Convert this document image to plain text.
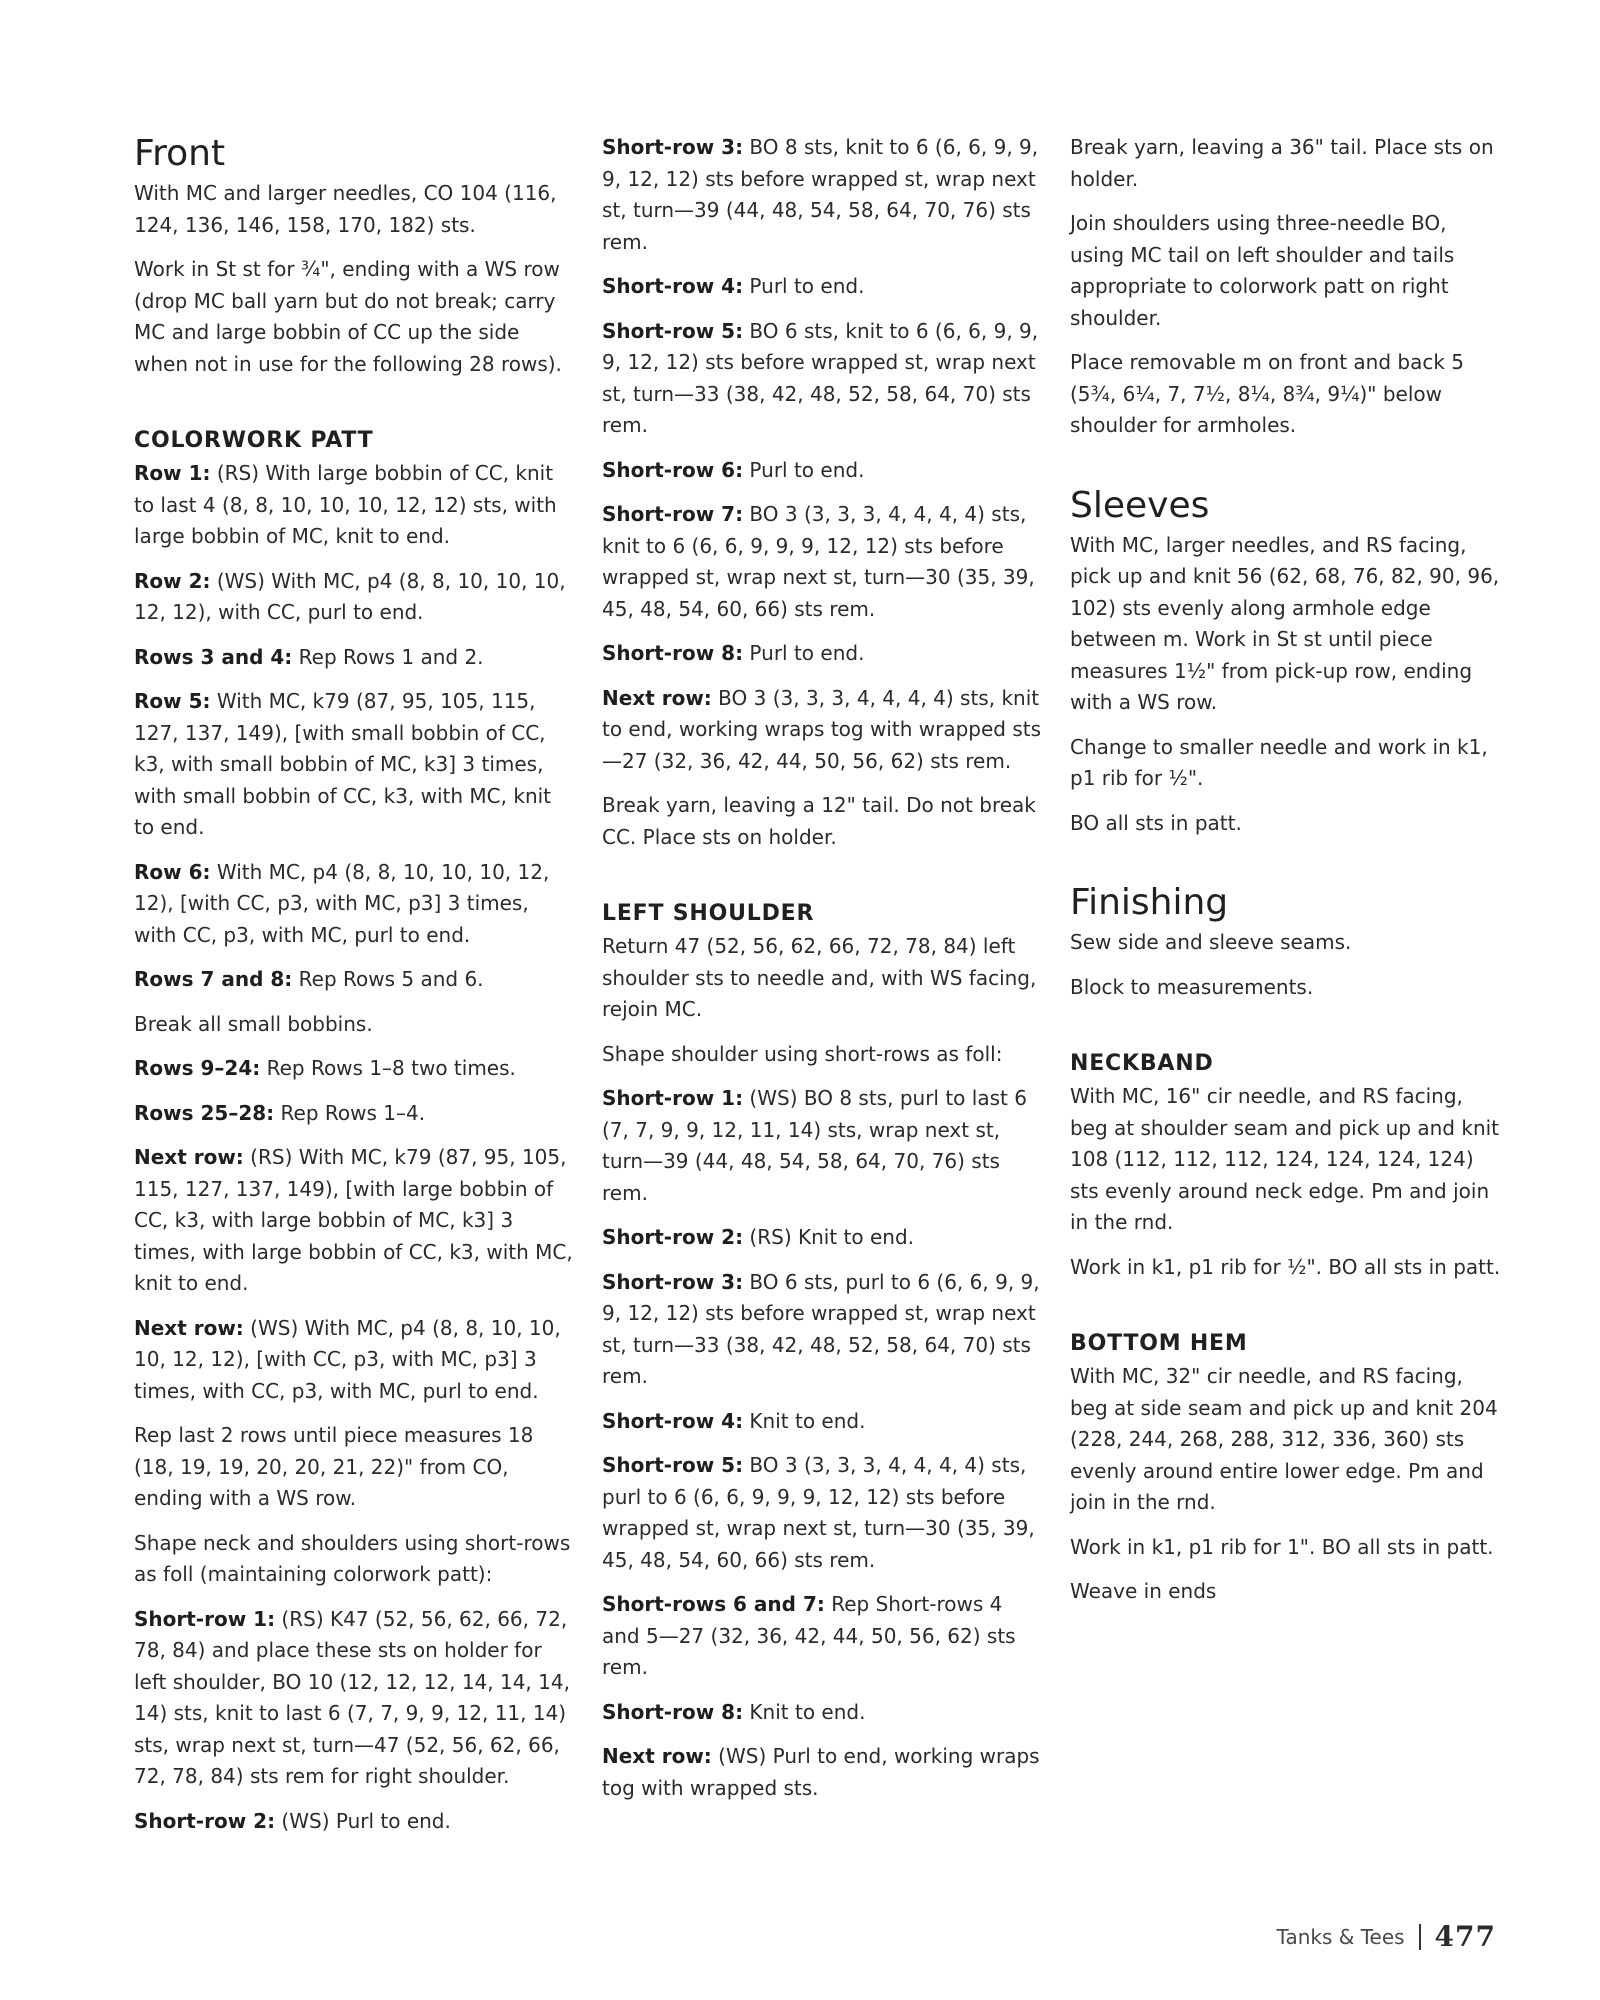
Front

With MC and larger needles, CO 104 (116, 124, 136, 146, 158, 170, 182) sts.

Work in St st for ¾", ending with a WS row (drop MC ball yarn but do not break; carry MC and large bobbin of CC up the side when not in use for the following 28 rows).

COLORWORK PATT

Row 1: (RS) With large bobbin of CC, knit to last 4 (8, 8, 10, 10, 10, 12, 12) sts, with large bobbin of MC, knit to end.

Row 2: (WS) With MC, p4 (8, 8, 10, 10, 10, 12, 12), with CC, purl to end.

Rows 3 and 4: Rep Rows 1 and 2.

Row 5: With MC, k79 (87, 95, 105, 115, 127, 137, 149), [with small bobbin of CC, k3, with small bobbin of MC, k3] 3 times, with small bobbin of CC, k3, with MC, knit to end.

Row 6: With MC, p4 (8, 8, 10, 10, 10, 12, 12), [with CC, p3, with MC, p3] 3 times, with CC, p3, with MC, purl to end.

Rows 7 and 8: Rep Rows 5 and 6.

Break all small bobbins.

Rows 9–24: Rep Rows 1–8 two times.

Rows 25–28: Rep Rows 1–4.

Next row: (RS) With MC, k79 (87, 95, 105, 115, 127, 137, 149), [with large bobbin of CC, k3, with large bobbin of MC, k3] 3 times, with large bobbin of CC, k3, with MC, knit to end.

Next row: (WS) With MC, p4 (8, 8, 10, 10, 10, 12, 12), [with CC, p3, with MC, p3] 3 times, with CC, p3, with MC, purl to end.

Rep last 2 rows until piece measures 18 (18, 19, 19, 20, 20, 21, 22)" from CO, ending with a WS row.

Shape neck and shoulders using short-rows as foll (maintaining colorwork patt):

Short-row 1: (RS) K47 (52, 56, 62, 66, 72, 78, 84) and place these sts on holder for left shoulder, BO 10 (12, 12, 12, 14, 14, 14, 14) sts, knit to last 6 (7, 7, 9, 9, 12, 11, 14) sts, wrap next st, turn—47 (52, 56, 62, 66, 72, 78, 84) sts rem for right shoulder.

Short-row 2: (WS) Purl to end.

Short-row 3: BO 8 sts, knit to 6 (6, 6, 9, 9, 9, 12, 12) sts before wrapped st, wrap next st, turn—39 (44, 48, 54, 58, 64, 70, 76) sts rem.

Short-row 4: Purl to end.

Short-row 5: BO 6 sts, knit to 6 (6, 6, 9, 9, 9, 12, 12) sts before wrapped st, wrap next st, turn—33 (38, 42, 48, 52, 58, 64, 70) sts rem.

Short-row 6: Purl to end.

Short-row 7: BO 3 (3, 3, 3, 4, 4, 4, 4) sts, knit to 6 (6, 6, 9, 9, 9, 12, 12) sts before wrapped st, wrap next st, turn—30 (35, 39, 45, 48, 54, 60, 66) sts rem.

Short-row 8: Purl to end.

Next row: BO 3 (3, 3, 3, 4, 4, 4, 4) sts, knit to end, working wraps tog with wrapped sts—27 (32, 36, 42, 44, 50, 56, 62) sts rem.

Break yarn, leaving a 12" tail. Do not break CC. Place sts on holder.

LEFT SHOULDER

Return 47 (52, 56, 62, 66, 72, 78, 84) left shoulder sts to needle and, with WS facing, rejoin MC.

Shape shoulder using short-rows as foll:

Short-row 1: (WS) BO 8 sts, purl to last 6 (7, 7, 9, 9, 12, 11, 14) sts, wrap next st, turn—39 (44, 48, 54, 58, 64, 70, 76) sts rem.

Short-row 2: (RS) Knit to end.

Short-row 3: BO 6 sts, purl to 6 (6, 6, 9, 9, 9, 12, 12) sts before wrapped st, wrap next st, turn—33 (38, 42, 48, 52, 58, 64, 70) sts rem.

Short-row 4: Knit to end.

Short-row 5: BO 3 (3, 3, 3, 4, 4, 4, 4) sts, purl to 6 (6, 6, 9, 9, 9, 12, 12) sts before wrapped st, wrap next st, turn—30 (35, 39, 45, 48, 54, 60, 66) sts rem.

Short-rows 6 and 7: Rep Short-rows 4 and 5—27 (32, 36, 42, 44, 50, 56, 62) sts rem.

Short-row 8: Knit to end.

Next row: (WS) Purl to end, working wraps tog with wrapped sts.

Break yarn, leaving a 36" tail. Place sts on holder.

Join shoulders using three-needle BO, using MC tail on left shoulder and tails appropriate to colorwork patt on right shoulder.

Place removable m on front and back 5 (5¾, 6¼, 7, 7½, 8¼, 8¾, 9¼)" below shoulder for armholes.

Sleeves

With MC, larger needles, and RS facing, pick up and knit 56 (62, 68, 76, 82, 90, 96, 102) sts evenly along armhole edge between m. Work in St st until piece measures 1½" from pick-up row, ending with a WS row.

Change to smaller needle and work in k1, p1 rib for ½".

BO all sts in patt.

Finishing

Sew side and sleeve seams.

Block to measurements.

NECKBAND

With MC, 16" cir needle, and RS facing, beg at shoulder seam and pick up and knit 108 (112, 112, 112, 124, 124, 124, 124) sts evenly around neck edge. Pm and join in the rnd.

Work in k1, p1 rib for ½". BO all sts in patt.

BOTTOM HEM

With MC, 32" cir needle, and RS facing, beg at side seam and pick up and knit 204 (228, 244, 268, 288, 312, 336, 360) sts evenly around entire lower edge. Pm and join in the rnd.

Work in k1, p1 rib for 1". BO all sts in patt.

Weave in ends

Tanks & Tees 477
